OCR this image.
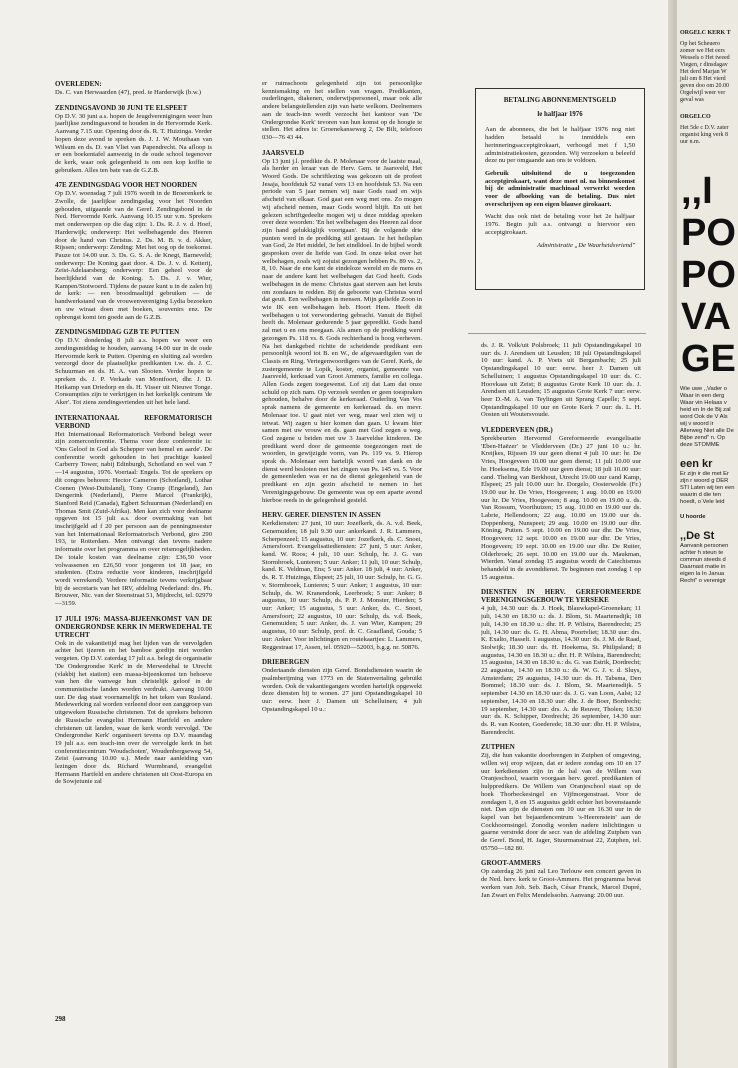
OVERLEDEN:

Ds. C. van Herwaarden (47), pred. te Harderwijk (b.w.)

ZENDINGSAVOND 30 JUNI TE ELSPEET

Op D.V. 30 juni a.s. hopen de Jeugdverenigingen weer hun jaarlijkse zendingsavond te houden in de Hervormde Kerk. Aanvang 7.15 uur. Opening door ds. R. T. Huizinga. Verder hopen deze avond te spreken ds. J. J. W. Mouthaan van Wilsum en ds. D. van Vliet van Papendrecht. Na afloop is er een boekentafel aanwezig in de oude school tegenover de kerk, waar ook gelegenheid is om een kop koffie te gebruiken. Alles ten bate van de G.Z.B.

47E ZENDINGSDAG VOOR HET NOORDEN

Op D.V. woensdag 7 juli 1976 wordt in de Broerenkerk te Zwolle, de jaarlijkse zendingsdag voor het Noorden gehouden, uitgaande van de Geref. Zendingsbond in de Ned. Hervormde Kerk. Aanvang 10.15 uur v.m. Sprekers met onderwerpen op die dag zijn: 1. Ds. R. J. v. d. Hoef, Harderwijk; onderwerp: Het welbehagende des Heeren door de hand van Christus. 2. Ds. M. B. v. d. Akker, Rijssen; onderwerp: Zending: Met het oog op de toekomst. Pauze tot 14.00 uur. 3. Ds. G. S. A. de Knegt, Barneveld; onderwerp: De Koning gaat door. 4. Ds. J. v. d. Ketterij, Zeist-Adelaarsberg; onderwerp: Een geheel voor de heerlijkheid van de Koning. 5. Ds. J. v. Wier, Kampen/Stotwoerd. Tijdens de pauze kunt u in de zalen bij de kerk: — een broodmaaltijd gebruiken — de handwerkstand van de vrouwenvereniging Lydia bezoeken en uw wiraat doen met boeken, souvenirs enz. De opbrengst komt ten goede aan de G.Z.B.

ZENDINGSMIDDAG GZB TE PUTTEN

Op D.V. donderdag 8 juli a.s. hopen we weer een zendingsmiddag te houden, aanvang 14.00 uur in de oude Hervormde kerk te Putten. Opening en sluiting zal worden verzorgd door de plaatselijke predikanten t.w. ds. J. C. Schuurman en ds. H. A. van Slooten. Verder hopen te spreken ds. J. P. Verkade van Montfoort, dhr. J. D. Heikamp van Driedorp en ds. H. Visser uit Nieuwe Tonge. Consumpties zijn te verkrijgen in het kerkelijk centrum 'de Aker'. Tot ziens zendingsvrienden uit het hele land.

INTERNATIONAAL REFORMATORISCH VERBOND

Het Internationaal Reformatorisch Verbond belegt weer zijn zomerconferentie. Thema voor deze conferentie is: 'Ons Geloof in God als Schepper van hemel en aarde'. De conferentie wordt gehouden in het prachtige kasteel Carberry Tower, nabij Edinburgh, Schotland en wel van 7—14 augustus, 1976. Voertaal: Engels. Tot de sprekers op dit congres behoren: Hector Cameron (Schotland), Lothar Coenen (West-Duitsland), Tony Cramp (Engeland), Jan Dengerink (Nederland), Pierre Marcel (Frankrijk), Stanford Reid (Canada), Egbert Schuurman (Nederland) en Thomas Smit (Zuid-Afrika). Men kan zich voor deelname opgeven tot 15 juli a.s. door overmaking van het inschrijfgeld ad f 20 per persoon aan de penningmeester van het Internationaal Reformatorisch Verbond, giro 290 193, te Rotterdam. Men ontvangt dan tevens nadere informatie over het programma en over reismogelijkheden. De totale kosten van deelname zijn: £36,50 voor volwassenen en £26,50 voor jongeren tot 18 jaar, en studenten. (Extra reductie voor kinderen, inschrijfgeld wordt verrekend). Verdere informatie tevens verkrijgbaar bij de secretaris van het IRV, afdeling Nederland: drs. Ph. Brouwer, Nic. van der Steenstraat 51, Mijdrecht, tel. 02979—3159.

17 JULI 1976: MASSA-BIJEENKOMST VAN DE ONDERGRONDSE KERK IN MERWEDEHAL TE UTRECHT

Ook in de vakantietijd mag het lijden van de vervolgden achter het ijzeren en het bamboe gordijn niet worden vergeten. Op D.V. zaterdag 17 juli a.s. belegt de organisatie 'De Ondergrondse Kerk' in de Merwedehal te Utrecht (vlakbij het station) een massa-bijeenkomst ten behoeve van hen die vanwege hun christelijk geloof in de communistische landen worden verdrukt. Aanvang 10.00 uur. De dag staat voornamelijk in het teken van Rusland. Medewerking zal worden verleend door een zanggroep van uitgeweken Russische christenen. Tot de sprekers behoren de Russische evangelist Hermann Hartfeld en andere christenen uit landen, waar de kerk wordt vervolgd. 'De Ondergrondse Kerk' organiseert tevens op D.V. maandag 19 juli a.s. een teach-inn over de vervolgde kerk in het conferentiecentrum 'Woudschoten', Woudenbergseweg 54, Zeist (aanvang 10.00 u.). Mede naar aanleiding van lezingen door ds. Richard Wurmbrand, evangelist Hermann Hartfeld en andere christenen uit Oost-Europa en de Sowjetunie zal

er ruimschoots gelegenheid zijn tot persoonlijke kennismaking en het stellen van vragen. Predikanten, ouderlingen, diakenen, onderwijspersoneel, maar ook alle andere belangstellenden zijn van harte welkom. Deelnemers aan de teach-inn wordt verzocht het kantoor van 'De Ondergrondse Kerk' tevoren van hun komst op de hoogte te stellen. Het adres is: Groenekanseweg 2, De Bilt, telefoon 030—76 43 44.

JAARSVELD

Op 13 juni j.l. predikte ds. P. Molenaar voor de laatste maal, als herder en leraar van de Herv. Gem. te Jaarsveld, Het Woord Gods. De schriftlezing was gekozen uit de profeet Jesaja, hoofdstuk 52 vanaf vers 13 en hoofdstuk 53. Na een periode van 5 jaar nemen wij naar Gods raad en wijs afscheid van elkaar. God gaat een weg met ons. Zo mogen wij afscheid nemen, maar Gods woord blijft. En uit het gelezen schriftgedeelte mogen wij u deze middag spreken over deze woorden: 'En het welbehagen des Heeren zal door zijn hand gelukkiglijk voortgaan'. Bij de volgende drie punten werd in de prediking stil gestaan. 1e het heilsplan van God, 2e Het middel, 3e het eindldoel. In de bijbel wordt gesproken over de liefde van God. In onze tekst over het welbehagen, zoals wij zojuist gezongen hebben Ps. 89 vs. 2, 8, 10. Naar de ene kant de eindeloze wereld en de mens en naar de andere kant het welbehagen dat God heeft. Gods welbehagen in de mens: Christus gaat sterven aan het kruis om zondaars te redden. Bij de geboorte van Christus werd dat geuit. Een welbehagen in mensen. Mijn geliefde Zoon in wie IK een welbehagen heb. Hoort Hem. Heeft dit welbehagen u tot verwondering gebracht. Vanuit de Bijbel heeft ds. Molenaar gedurende 5 jaar gepredikt. Gods hand zal met u en ons meegaan. Als amen op de prediking werd gezongen Ps. 118 vs. 8. Gods rechterhand is hoog verheven. Na het dankgebed richtte de scheidende predikant een persoonlijk woord tot B. en W., de afgevaardigden van de Classis en Ring. Vertegenwoordigers van de Geref. Kerk, de zustergemeente te Lopik, koster, organist, gemeente van Jaarsveld, kerkraad van Groot Ammers, familie en collega. Allen Gods zegen toegewenst. Lof zij dat Lam dat onze schuld op zich nam. Op verzoek werden er geen toespraken gehouden, behalve door de kerkeraad. Ouderling Van Vos sprak namens de gemeente en kerkeraad. ds. en mevr. Molenaar toe. U gaat niet ver weg, maar wel zien wij u ietwat. Wij zagen u hier komen dan gaan. U kwam hier samen met uw vrouw en ds. gaan met God zegen u weg. God zegene u beiden met uw 3 Jaarveldse kinderen. De predikant werd door de gemeente toegezongen met de woorden, in gewijzigde vorm, van Ps. 119 vs. 9. Hierop sprak ds. Molenaar een hartelijk woord van dank en de dienst werd besloten met het zingen van Ps. 145 vs. 5. Voor de gemeenleden was er na de dienst gelegenheid van de predikant en zijn gezin afscheid te nemen in het Verenigingsgebouw. De gemeente was op een aparte avond hierboe reeds in de gelegenheid gesteld.

HERV. GEREF. DIENSTEN IN ASSEN

Kerkdiensten: 27 juni, 10 uur: Jozefkerk, ds. A. v.d. Beek, Genemuiden; 18 juli 9.30 uur: ankerkand. J. R. Lammers, Scherpenzeel; 15 augustus, 10 uur: Jozefkerk, ds. C. Snoei, Amersfoort. Evangelisatiediensten: 27 juni, 5 uur: Anker, kand. W. Roos; 4 juli, 10 uur: Schulp, hr. J. G. van Stormbroek, Lunteren; 5 uur: Anker; 11 juli, 10 uur: Schulp, kand. K. Veldman, Ens; 5 uur: Anker. 18 juli, 4 uur: Anker, ds. R. T. Huizinga, Elspeet; 25 juli, 10 uur: Schulp, hr. G. G. v. Stormbroek, Lunteren; 5 uur: Anker; 1 augustus, 10 uur: Schulp, ds. W. Kranendonk, Leerbroek; 5 uur: Anker; 8 augustus, 10 uur: Schulp, ds. P. P. J. Monster, Hierden; 5 uur: Anker; 15 augustus, 5 uur: Anker, ds. C. Snoei, Amersfoort; 22 augustus, 10 uur: Schulp, ds. v.d. Beek, Genemuiden; 5 uur: Anker, ds. J. van Wier, Kampen; 29 augustus, 10 uur: Schulp, prof. dr. C. Graafland, Gouda; 5 uur: Anker. Voor inlichtingen en routekaartjes: L. Lammers, Reggestraat 17, Assen, tel. 05920—52003, b.g.g. nr. 50876.

DRIEBERGEN

Ondertaande diensten zijn Geref. Bondsdiensten waarin de psalmberijming van 1773 en de Statenvertaling gebruikt worden. Ook de vakantiegangers worden hartelijk opgewekt deze diensten bij te wonen. 27 juni Opstandingskapel 10 uur: eerw. heer J. Damen uit Schelluinen; 4 juli Opstandingskapel 10 u.:

BETALING ABONNEMENTSGELD
le halfjaar 1976

Aan de abonnees, die het le halfjaar 1976 nog niet hadden betaald is inmiddels een herinneringsacceptgirokaart, verhoogd met f 1,50 administratiekosten, gezonden. Wij verzoeken u beleefd deze nu per omgaande aan ons te voldoen.

Gebruik uitsluitend de u toegezonden acceptgirokaart, want deze moet nl. na binnenkomst bij de administratie machinaal verwerkt worden voor de afboeking van de betaling. Dus niet overschrijven op een eigen blauwe girokaart.

Wacht dus ook niet de betaling voor het 2e halfjaar 1976. Begin juli a.s. ontvangt u hiervoor een acceptgirokaart.

Administratie „De Waarheidsvriend"

ds. J. R. Volk/uit Polsbroek; 11 juli Opstandingskapel 10 uur: ds. J. Arendsen uit Leusden; 18 juli Opstandingskapel 10 uur: kand. A. P. Voets uit Bergambacht; 25 juli Opstandingskapel 10 uur: eerw. heer J. Damen uit Schelluinen; 1 augustus Opstandingskapel 10 uur: ds. C. Hoovkaas uit Zeist; 8 augustus Grote Kerk 10 uur: ds. J. Arendsen uit Leusden; 15 augustus Grote Kerk 7 uur: eerw. heer D.-M. A. van Teylingen uit Sprang Capelle; 5 sept. Opstandingskapel 10 uur en Grote Kerk 7 uur: ds. L. H. Oosten uit Woutersvoude.

VLEDDERVEEN (DR.)

Sprekbeurten Hervormd Gereformeerde evangelisatie 'Eben-Haëzer' te Vledderveen (Dr.) 27 juni 10 u.: hr. Kreijkes, Rijssen 19 uur geen dienst 4 juli 10 uur: hr. De Vries, Hoogeveen 10.00 uur geen dienst; 11 juli 10.00 uur hr. Hoeksema, Ede 19.00 uur geen dienst; 18 juli 10.00 uur: cand. Theling van Berkhout, Utrecht 19.00 uur cand Kamp, Elspeet; 25 juli 10.00 uur: hr. Dorgelo, Oosterwolde (Fr.) 19.00 uur hr. De Vries, Hoogeveen; 1 aug. 10.00 en 19.00 uur hr. De Vries, Hoogeveen; 8 aug. 10.00 en 19.00 u. ds. Van Rossum, Voorthuizen; 15 aug. 10.00 en 19.00 uur ds. Labrie, Hellendoorn; 22 aug. 10.00 en 19.00 uur ds. Doppenberg, Nunspeet; 29 aug. 10.00 en 19.00 uur dhr. Köning, Putten. 5 sept. 10.00 en 19.00 uur dhr. De Vries, Hoogeveen; 12 sept. 10.00 en 19.00 uur dhr. De Vries, Hoogeveen; 19 sept. 10.00 en 19.00 uur dhr. De Ruiter, Olderbroek; 26 sept. 10.00 en 19.00 uur ds. Maukman, Wierden. Vanaf zondag 15 augustus wordt de Catechismus behandeld in de avonddienst. Te beginnen met zondag 1 op 15 augustus.

DIENSTEN IN HERV. GEREFORMEERDE VERENIGINGSGEBOUW TE YERSEKE

4 juli, 14.30 uur: ds. J. Hoek, Blauwkapel-Groenekan; 11 juli, 14.30 en 18.30 u.: ds. J. Blom, St. Maartensdijk; 18 juli, 14.30 en 18.30 u.: dhr. H. P. Wilstra, Barendrecht; 25 juli, 14.30 uur: ds. G. H. Abma, Poortvliet; 18.30 uur: drs. K. Exalto, Hasselt. 1 augustus, 14.30 uur: ds. J. M. de Raad, Stolwijk; 18.30 uur: ds. H. Hoekema, St. Philipsland; 8 augustus, 14.30 en 18.30 u.: dhr. H. P. Wilstra, Barendrecht; 15 augustus, 14.30 en 18.30 u.: ds. G. van Estrik, Dordrecht; 22 augustus, 14.30 en 18.30 u.: ds. W. G. J. v. d. Sluys, Amsterdam; 29 augustus, 14.30 uur: ds. H. Tabsma, Den Bommel; 18.30 uur: ds. J. Blom, St. Maartensdijk. 5 september 14.30 en 18.30 uur: ds. J. G. van Loon, Aalst; 12 september, 14.30 en 18.30 uur: dhr. J. de Boer, Bordrecht; 19 september, 14.30 uur: drs. A. de Reuver, Tholen; 18.30 uur: ds. K. Schipper, Dordrecht; 26 september, 14.30 uur: ds. R. van Kooten, Goederede; 18.30 uur: dhr. H. P. Wilstra, Barendrecht.

ZUTPHEN

Zij, die hun vakantie doorbrengen in Zutphen of omgeving, willen wij erop wijzen, dat er iedere zondag om 10 en 17 uur kerkdiensten zijn in de hal van de Willem van Oranjeschool, waarin voorgaan herv. geref. predikanten of hulppredikers. De Willem van Oranjeschool staat op de hoek Thorbeckesingel en Vijfmorgenstraat. Voor de zondagen 1, 8 en 15 augustus geldt echter het bovenstaande niet. Dan zijn de diensten om 10 uur en 16.30 uur in de kapel van het bejaardencentrum 's-Heerenstein' aan de Cockhoornsingel. Zonodig worden nadere inlichtingen u gaarne verstrekt door de secr. van de afdeling Zutphen van de Geref. Bond, H. Jager, Stuurmanstraat 22, Zutphen, tel. 05750—182 80.

GROOT-AMMERS

Op zaterdag 26 juni zal Leo Terlouw een concert geven in de Ned. herv. kerk te Groot-Ammers. Het programma bevat werken van Joh. Seb. Bach, César Franck, Marcel Dupré, Jan Zwart en Felix Mendelssohn. Aanvang: 20.00 uur.

298
ORGELC KERK T
Op het Scheuero zomer we Het eers Wessels o Het tweed Viegen, r dinsdagav Het derd Marjan W juli om 8 Het vierd geven doo om 20.00 Orgelwijl weer ver geval was
ORGELCO
Het 5de c D.V. zater organist king verk 8 uur n.m.
,,I
PO
PO
VA
GE
Wie uwe ,,Vader o Waar in een derg Waar vin Helaas v heid en In de Bij zal word Ook de V Als wij v woord ir Allerweg Niet alle De Bijbe zend" n. Op deze STOMME
een kr
Er zijn ir die met Er zijn r woord g DER STI Laten wij ten een waarin d die ten hoedt, o Vele leid
U hoorde
,,De St
Aanvank personen achter h steun te commun steeds d Daarnast matie in eigen la In Janua Recht" o verenigir
